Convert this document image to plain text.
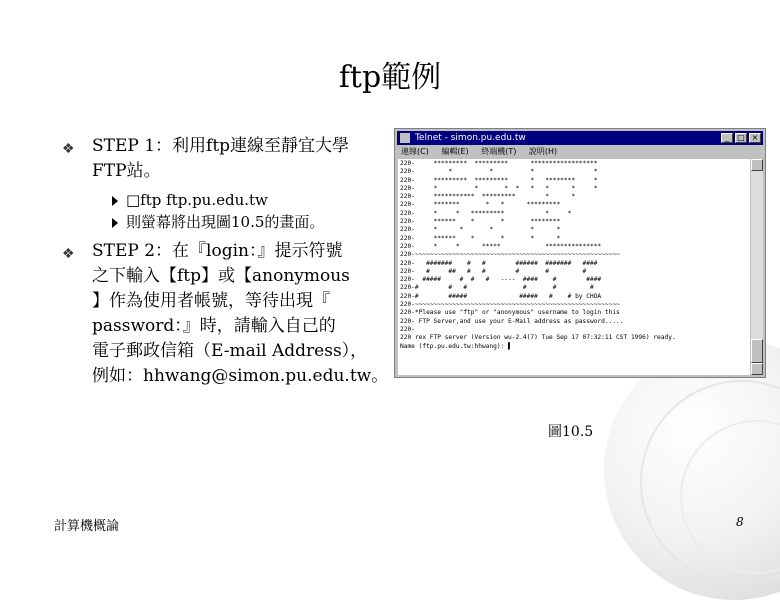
ftp範例
❖ STEP 1：利用ftp連線至靜宜大學
FTP站。
□ftp ftp.pu.edu.tw
則螢幕將出現圖10.5的畫面。
❖ STEP 2：在『login：』提示符號
之下輸入【ftp】或【anonymous
】作為使用者帳號，等待出現『
password：』時，請輸入自己的
電子郵政信箱（E-mail Address），
例如：hhwang@simon.pu.edu.tw。
Telnet - simon.pu.edu.tw	_	□ ×
連線(C) 編輯(E) 終端機(T) 說明(H)
220-     *********  *********      ******************
220-         *          *          *                *
220-     *********  *********      *   ********     *
220-     *          *       *  *   *   *      *     *
220-     ***********  *********        *      *
220-     *******       *   *      *********
220-     *     *   *********           *     *
220-     ******    *       *       ********
220-     *      *       *          *      *
220-     ******    *       *       *      *
220-     *     *      *****            ***************
220-~~~~~~~~~~~~~~~~~~~~~~~~~~~~~~~~~~~~~~~~~~~~~~~~~~~~~~~
220-   #######    #   #        ######  #######   ####
220-   #     ##   #   #        #       #         #
220-  #####     #  #   #   ----  ####    #        ####
220-#        #   #               #       #         #
220-#        #####              #####   #    # by CHOA
220-~~~~~~~~~~~~~~~~~~~~~~~~~~~~~~~~~~~~~~~~~~~~~~~~~~~~~~~
220-*Please use "ftp" or "anonymous" username to login this
220- FTP Server,and use your E-Mail address as password.....
220-
220 rex FTP server (Version wu-2.4(7) Tue Sep 17 07:32:11 CST 1996) ready.
Name (ftp.pu.edu.tw:hhwang): ▌
圖10.5
計算機概論	8
